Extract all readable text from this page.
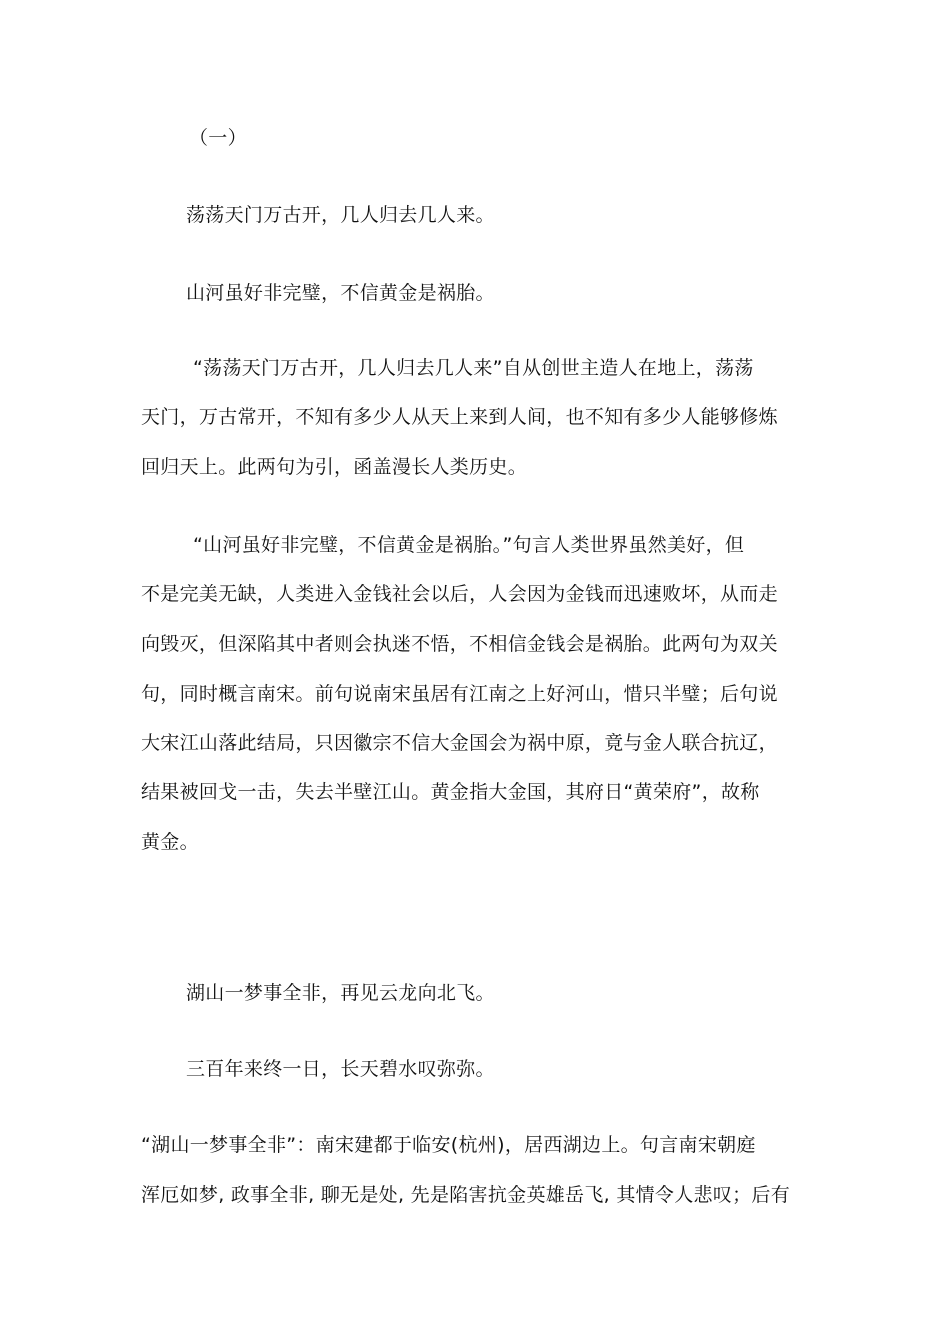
（一）
荡荡天门万古开，几人归去几人来。
山河虽好非完璧，不信黄金是祸胎。
“荡荡天门万古开，几人归去几人来”自从创世主造人在地上，荡荡
天门，万古常开，不知有多少人从天上来到人间，也不知有多少人能够修炼
回归天上。此两句为引，函盖漫长人类历史。
“山河虽好非完璧，不信黄金是祸胎。”句言人类世界虽然美好，但
不是完美无缺，人类进入金钱社会以后，人会因为金钱而迅速败坏，从而走
向毁灭，但深陷其中者则会执迷不悟，不相信金钱会是祸胎。此两句为双关
句，同时概言南宋。前句说南宋虽居有江南之上好河山，惜只半璧；后句说
大宋江山落此结局，只因徽宗不信大金国会为祸中原，竟与金人联合抗辽，
结果被回戈一击，失去半壁江山。黄金指大金国，其府日“黄荣府”，故称
黄金。
湖山一梦事全非，再见云龙向北飞。
三百年来终一日，长天碧水叹弥弥。
“湖山一梦事全非”：南宋建都于临安(杭州)，居西湖边上。句言南宋朝庭
浑厄如梦, 政事全非, 聊无是处, 先是陷害抗金英雄岳飞, 其情令人悲叹；后有
